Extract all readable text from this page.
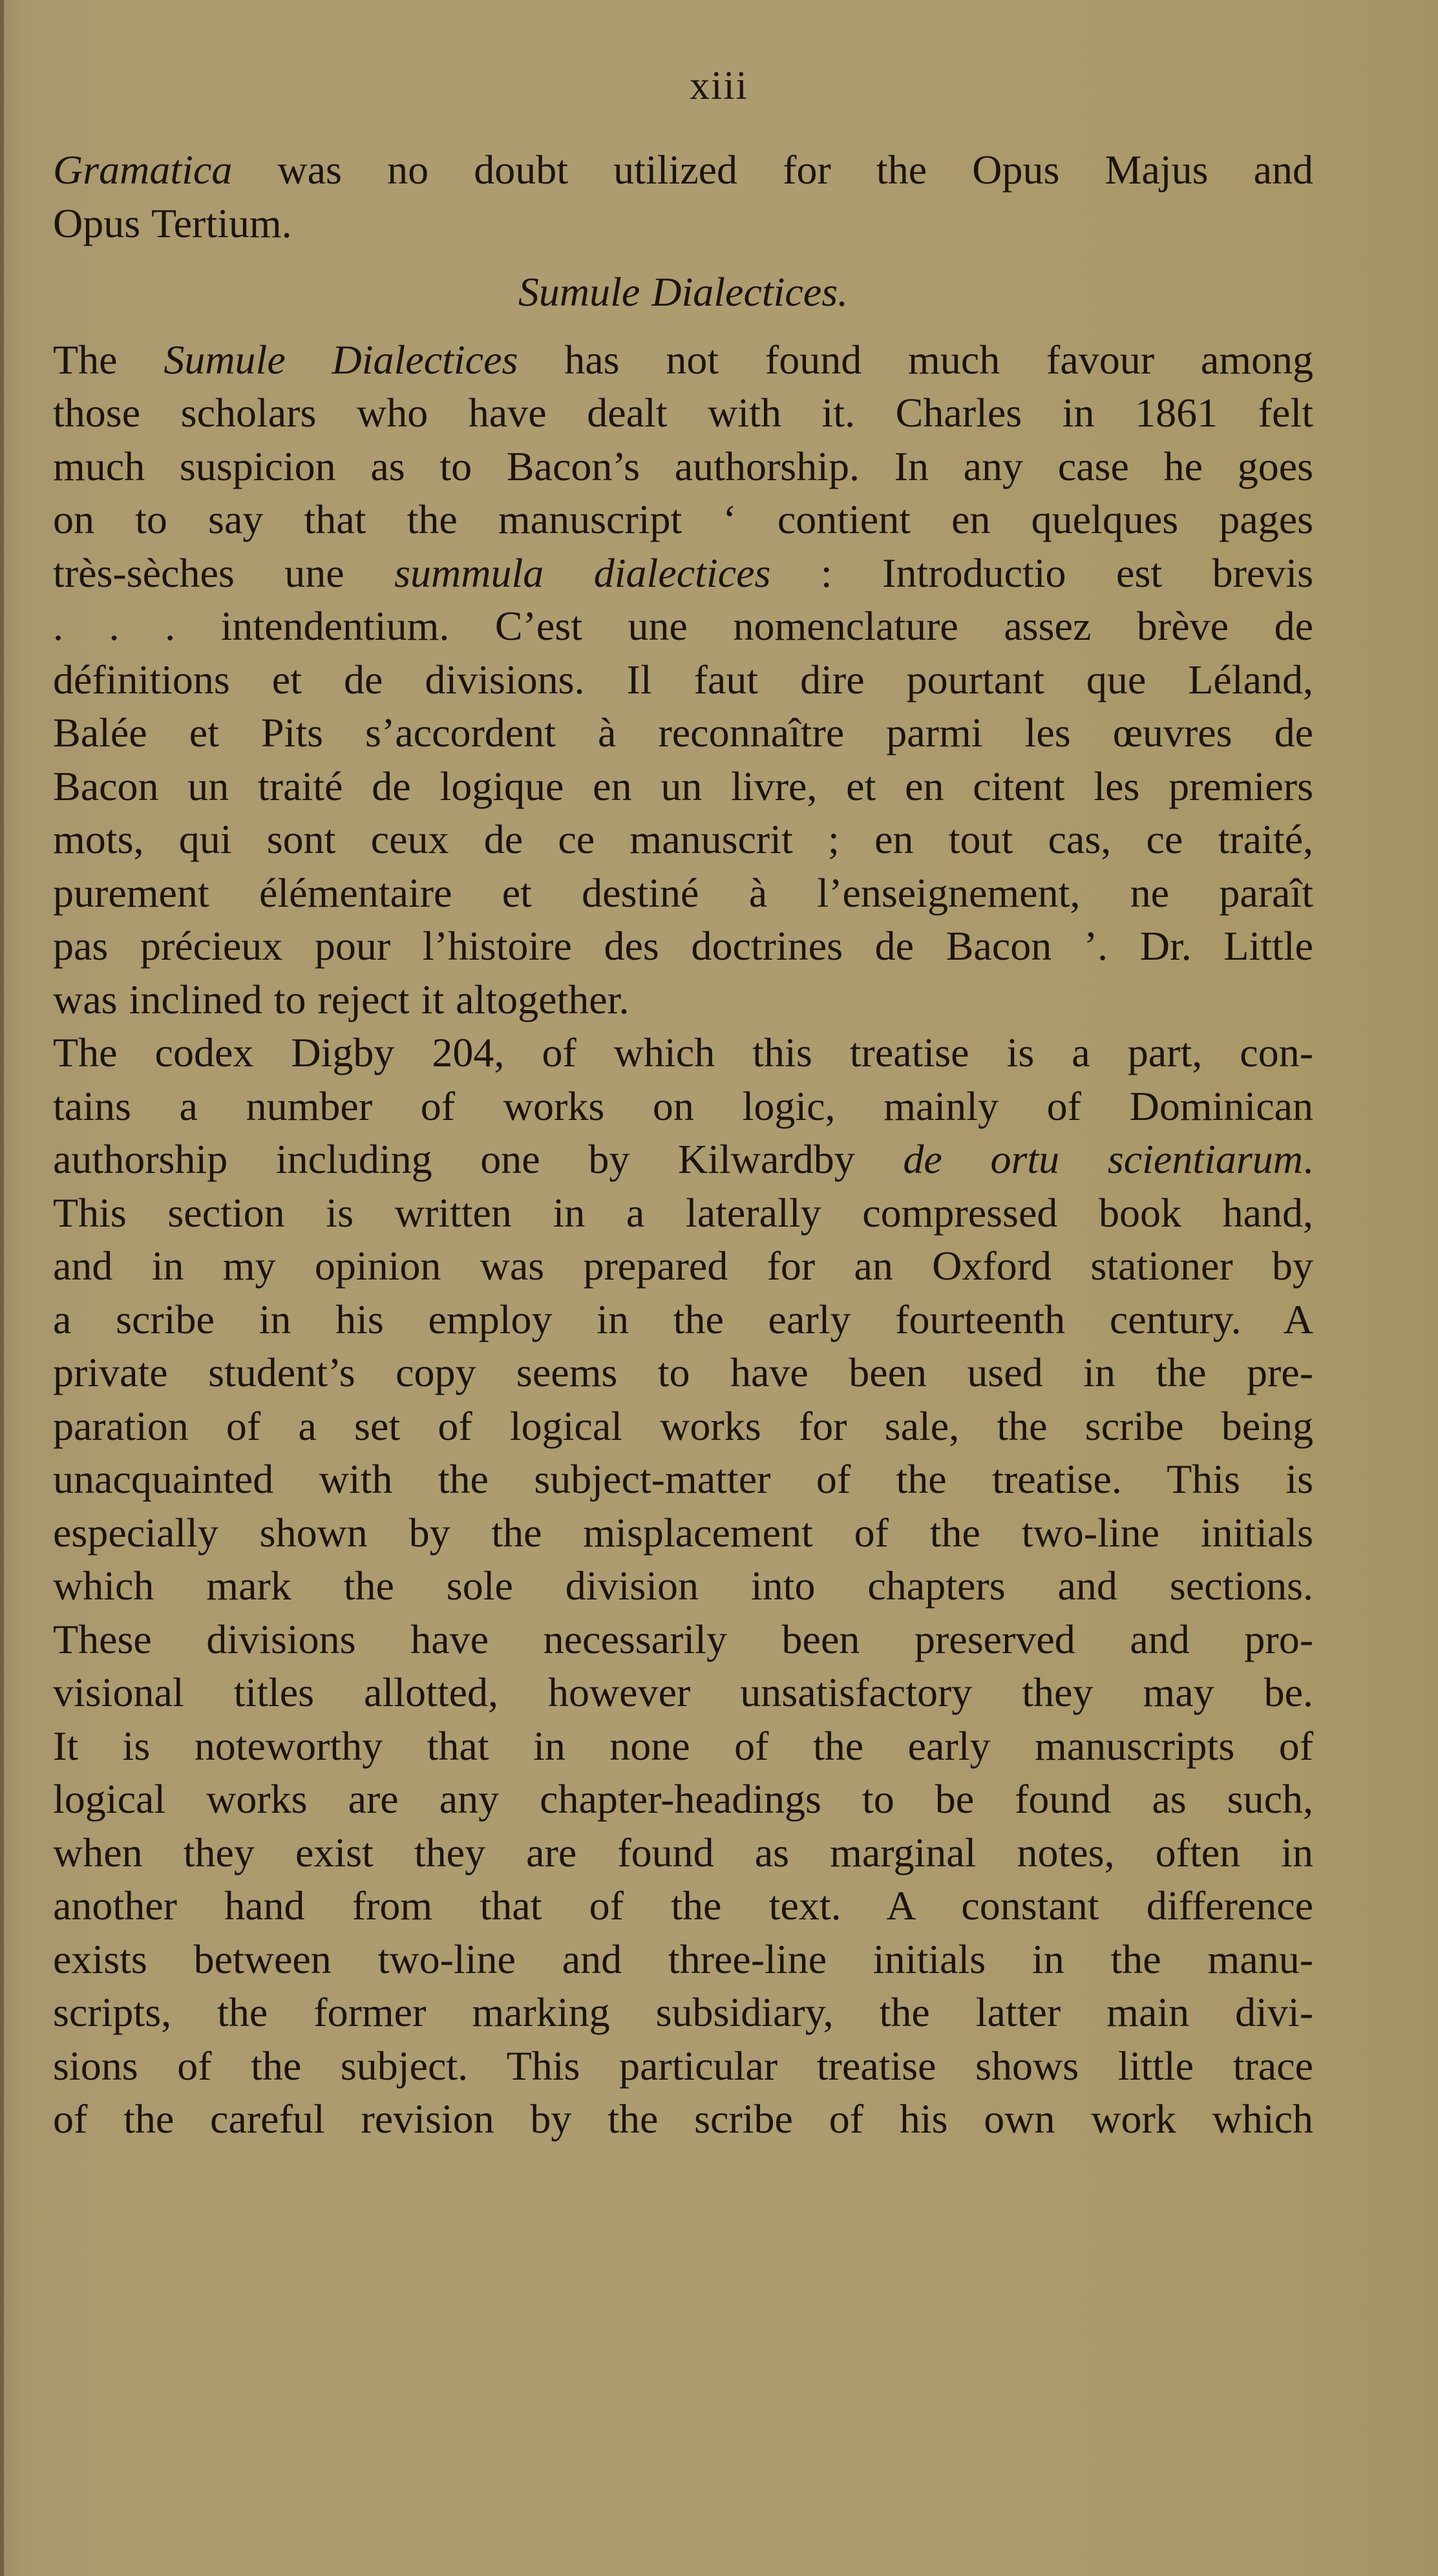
xiii
Gramatica was no doubt utilized for the Opus Majus and
Opus Tertium.
Sumule Dialectices.
The Sumule Dialectices has not found much favour among
those scholars who have dealt with it. Charles in 1861 felt
much suspicion as to Bacon’s authorship. In any case he goes
on to say that the manuscript ‘ contient en quelques pages
très-sèches une summula dialectices : Introductio est brevis
. . . intendentium. C’est une nomenclature assez brève de
définitions et de divisions. Il faut dire pourtant que Léland,
Balée et Pits s’accordent à reconnaître parmi les œuvres de
Bacon un traité de logique en un livre, et en citent les premiers
mots, qui sont ceux de ce manuscrit ; en tout cas, ce traité,
purement élémentaire et destiné à l’enseignement, ne paraît
pas précieux pour l’histoire des doctrines de Bacon ’. Dr. Little
was inclined to reject it altogether.
The codex Digby 204, of which this treatise is a part, con-
tains a number of works on logic, mainly of Dominican
authorship including one by Kilwardby de ortu scientiarum.
This section is written in a laterally compressed book hand,
and in my opinion was prepared for an Oxford stationer by
a scribe in his employ in the early fourteenth century. A
private student’s copy seems to have been used in the pre-
paration of a set of logical works for sale, the scribe being
unacquainted with the subject-matter of the treatise. This is
especially shown by the misplacement of the two-line initials
which mark the sole division into chapters and sections.
These divisions have necessarily been preserved and pro-
visional titles allotted, however unsatisfactory they may be.
It is noteworthy that in none of the early manuscripts of
logical works are any chapter-headings to be found as such,
when they exist they are found as marginal notes, often in
another hand from that of the text. A constant difference
exists between two-line and three-line initials in the manu-
scripts, the former marking subsidiary, the latter main divi-
sions of the subject. This particular treatise shows little trace
of the careful revision by the scribe of his own work which
